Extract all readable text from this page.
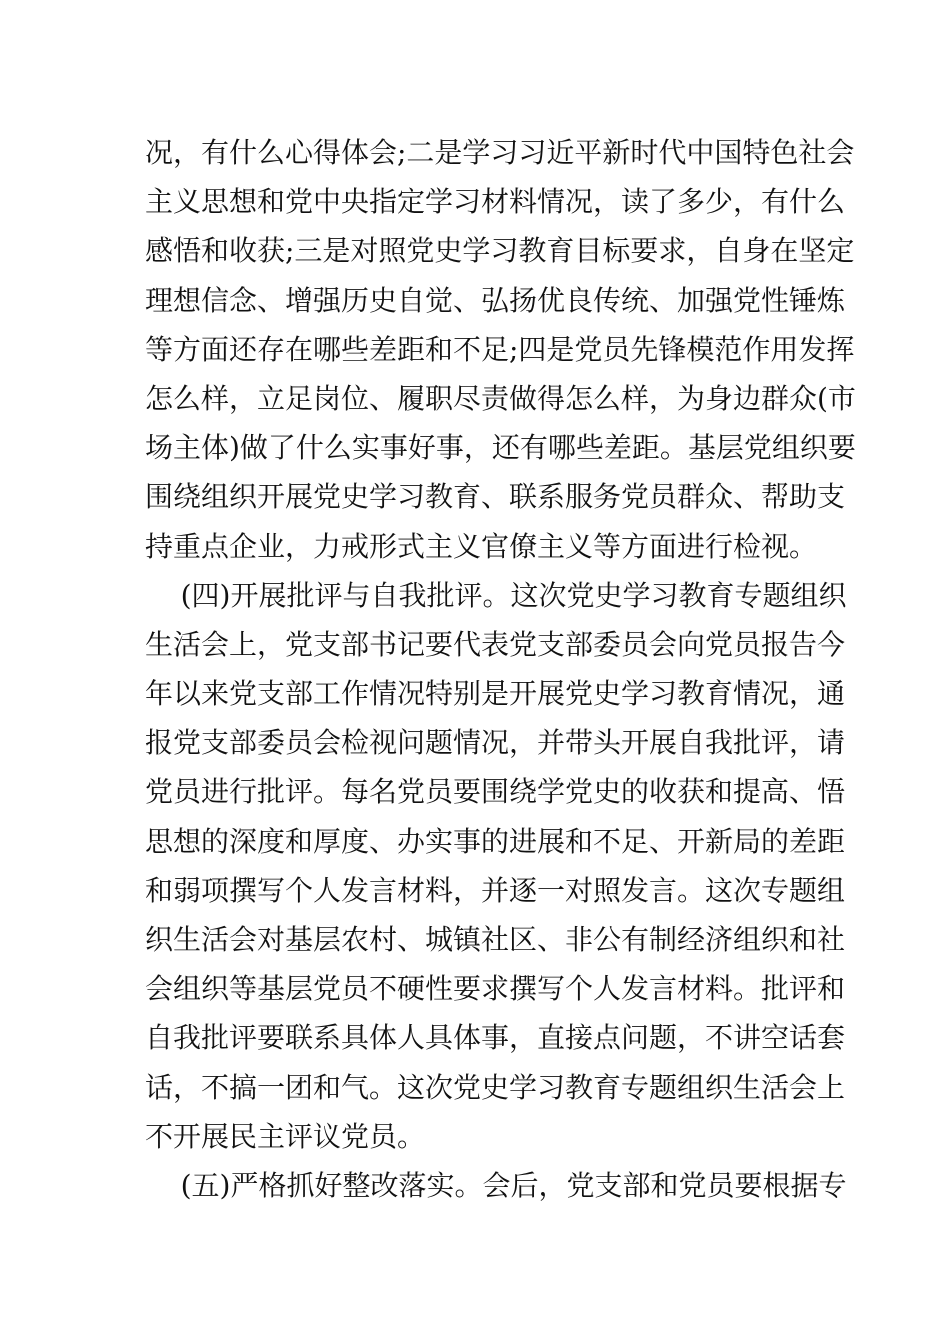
况，有什么心得体会;二是学习习近平新时代中国特色社会
主义思想和党中央指定学习材料情况，读了多少，有什么
感悟和收获;三是对照党史学习教育目标要求，自身在坚定
理想信念、增强历史自觉、弘扬优良传统、加强党性锤炼
等方面还存在哪些差距和不足;四是党员先锋模范作用发挥
怎么样，立足岗位、履职尽责做得怎么样，为身边群众(市
场主体)做了什么实事好事，还有哪些差距。基层党组织要
围绕组织开展党史学习教育、联系服务党员群众、帮助支
持重点企业，力戒形式主义官僚主义等方面进行检视。
(四)开展批评与自我批评。这次党史学习教育专题组织
生活会上，党支部书记要代表党支部委员会向党员报告今
年以来党支部工作情况特别是开展党史学习教育情况，通
报党支部委员会检视问题情况，并带头开展自我批评，请
党员进行批评。每名党员要围绕学党史的收获和提高、悟
思想的深度和厚度、办实事的进展和不足、开新局的差距
和弱项撰写个人发言材料，并逐一对照发言。这次专题组
织生活会对基层农村、城镇社区、非公有制经济组织和社
会组织等基层党员不硬性要求撰写个人发言材料。批评和
自我批评要联系具体人具体事，直接点问题，不讲空话套
话，不搞一团和气。这次党史学习教育专题组织生活会上
不开展民主评议党员。
(五)严格抓好整改落实。会后，党支部和党员要根据专
